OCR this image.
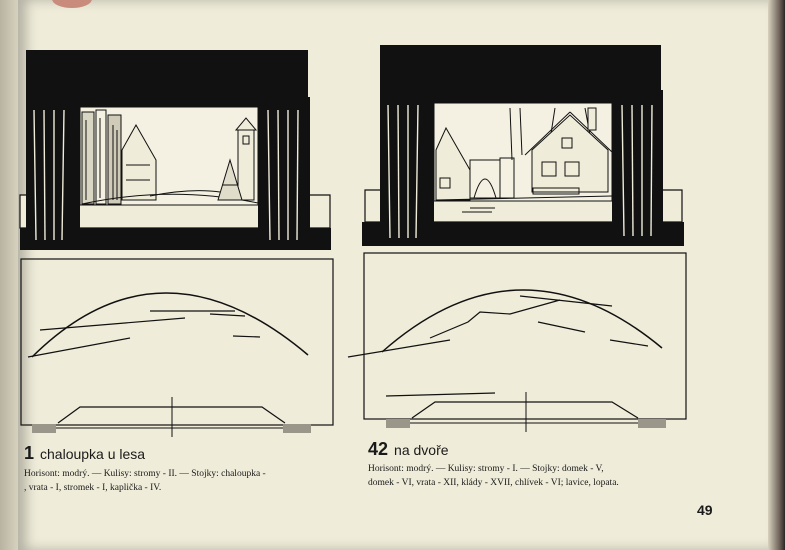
1 chaloupka u lesa
Horisont: modrý. — Kulisy: stromy - II. — Stojky: chaloupka -
, vrata - I, stromek - I, kaplička - IV.
42 na dvoře
Horisont: modrý. — Kulisy: stromy - I. — Stojky: domek - V,
domek - VI, vrata - XII, klády - XVII, chlívek - VI; lavice, lopata.
49
